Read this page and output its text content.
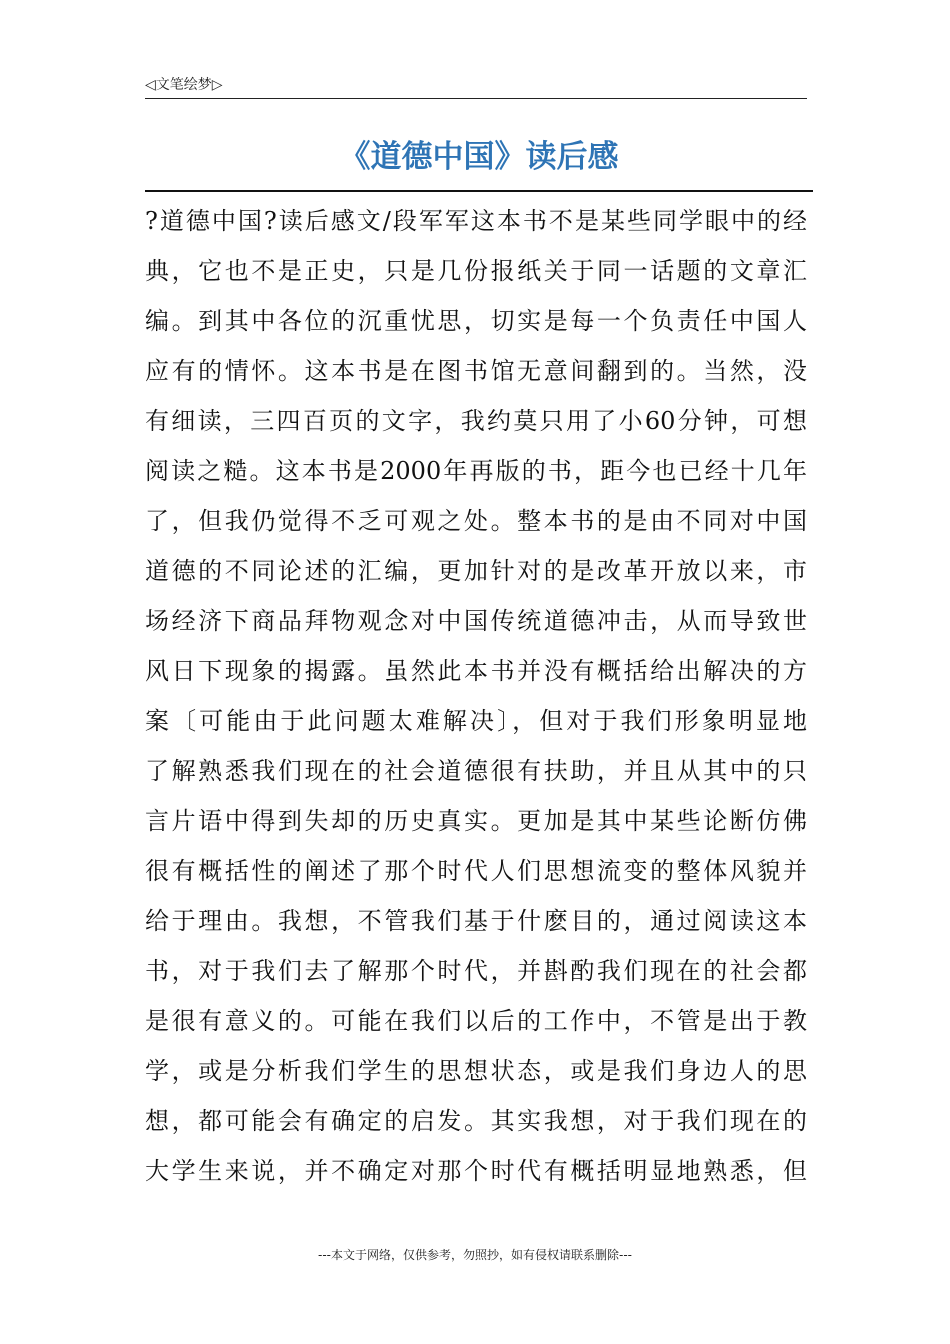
◁文笔绘梦▷
《道德中国》读后感
?道德中国?读后感文/段军军这本书不是某些同学眼中的经
典，它也不是正史，只是几份报纸关于同一话题的文章汇
编。到其中各位的沉重忧思，切实是每一个负责任中国人
应有的情怀。这本书是在图书馆无意间翻到的。当然，没
有细读，三四百页的文字，我约莫只用了小60分钟，可想
阅读之糙。这本书是2000年再版的书，距今也已经十几年
了，但我仍觉得不乏可观之处。整本书的是由不同对中国
道德的不同论述的汇编，更加针对的是改革开放以来，市
场经济下商品拜物观念对中国传统道德冲击，从而导致世
风日下现象的揭露。虽然此本书并没有概括给出解决的方
案〔可能由于此问题太难解决〕，但对于我们形象明显地
了解熟悉我们现在的社会道德很有扶助，并且从其中的只
言片语中得到失却的历史真实。更加是其中某些论断仿佛
很有概括性的阐述了那个时代人们思想流变的整体风貌并
给于理由。我想，不管我们基于什麽目的，通过阅读这本
书，对于我们去了解那个时代，并斟酌我们现在的社会都
是很有意义的。可能在我们以后的工作中，不管是出于教
学，或是分析我们学生的思想状态，或是我们身边人的思
想，都可能会有确定的启发。其实我想，对于我们现在的
大学生来说，并不确定对那个时代有概括明显地熟悉，但
---本文于网络，仅供参考，勿照抄，如有侵权请联系删除---
